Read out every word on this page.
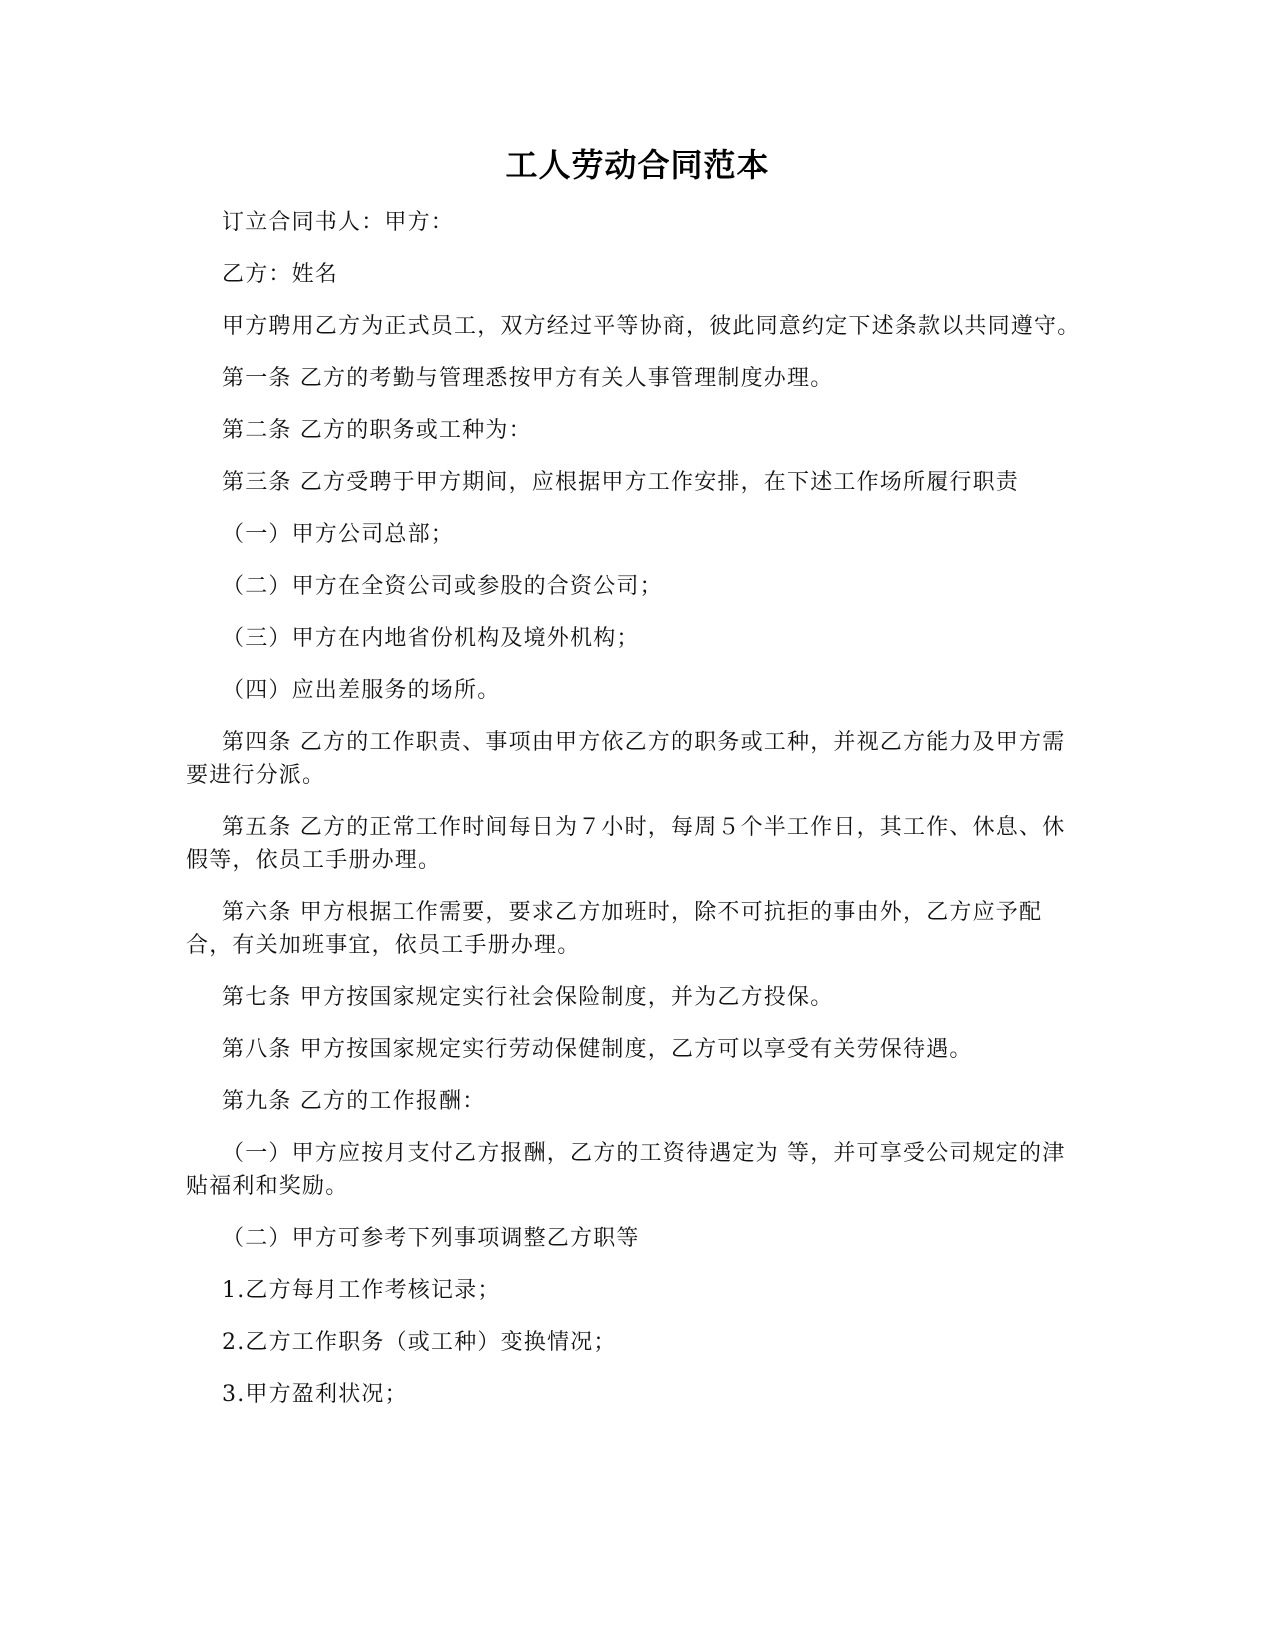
工人劳动合同范本

订立合同书人：甲方：

乙方：姓名

甲方聘用乙方为正式员工，双方经过平等协商，彼此同意约定下述条款以共同遵守。

第一条 乙方的考勤与管理悉按甲方有关人事管理制度办理。

第二条 乙方的职务或工种为：

第三条 乙方受聘于甲方期间，应根据甲方工作安排，在下述工作场所履行职责

（一）甲方公司总部；

（二）甲方在全资公司或参股的合资公司；

（三）甲方在内地省份机构及境外机构；

（四）应出差服务的场所。

第四条 乙方的工作职责、事项由甲方依乙方的职务或工种，并视乙方能力及甲方需要进行分派。

第五条 乙方的正常工作时间每日为７小时，每周５个半工作日，其工作、休息、休假等，依员工手册办理。

第六条 甲方根据工作需要，要求乙方加班时，除不可抗拒的事由外，乙方应予配合，有关加班事宜，依员工手册办理。

第七条 甲方按国家规定实行社会保险制度，并为乙方投保。

第八条 甲方按国家规定实行劳动保健制度，乙方可以享受有关劳保待遇。

第九条 乙方的工作报酬：

（一）甲方应按月支付乙方报酬，乙方的工资待遇定为 等，并可享受公司规定的津贴福利和奖励。

（二）甲方可参考下列事项调整乙方职等

1.乙方每月工作考核记录；

2.乙方工作职务（或工种）变换情况；

3.甲方盈利状况；
